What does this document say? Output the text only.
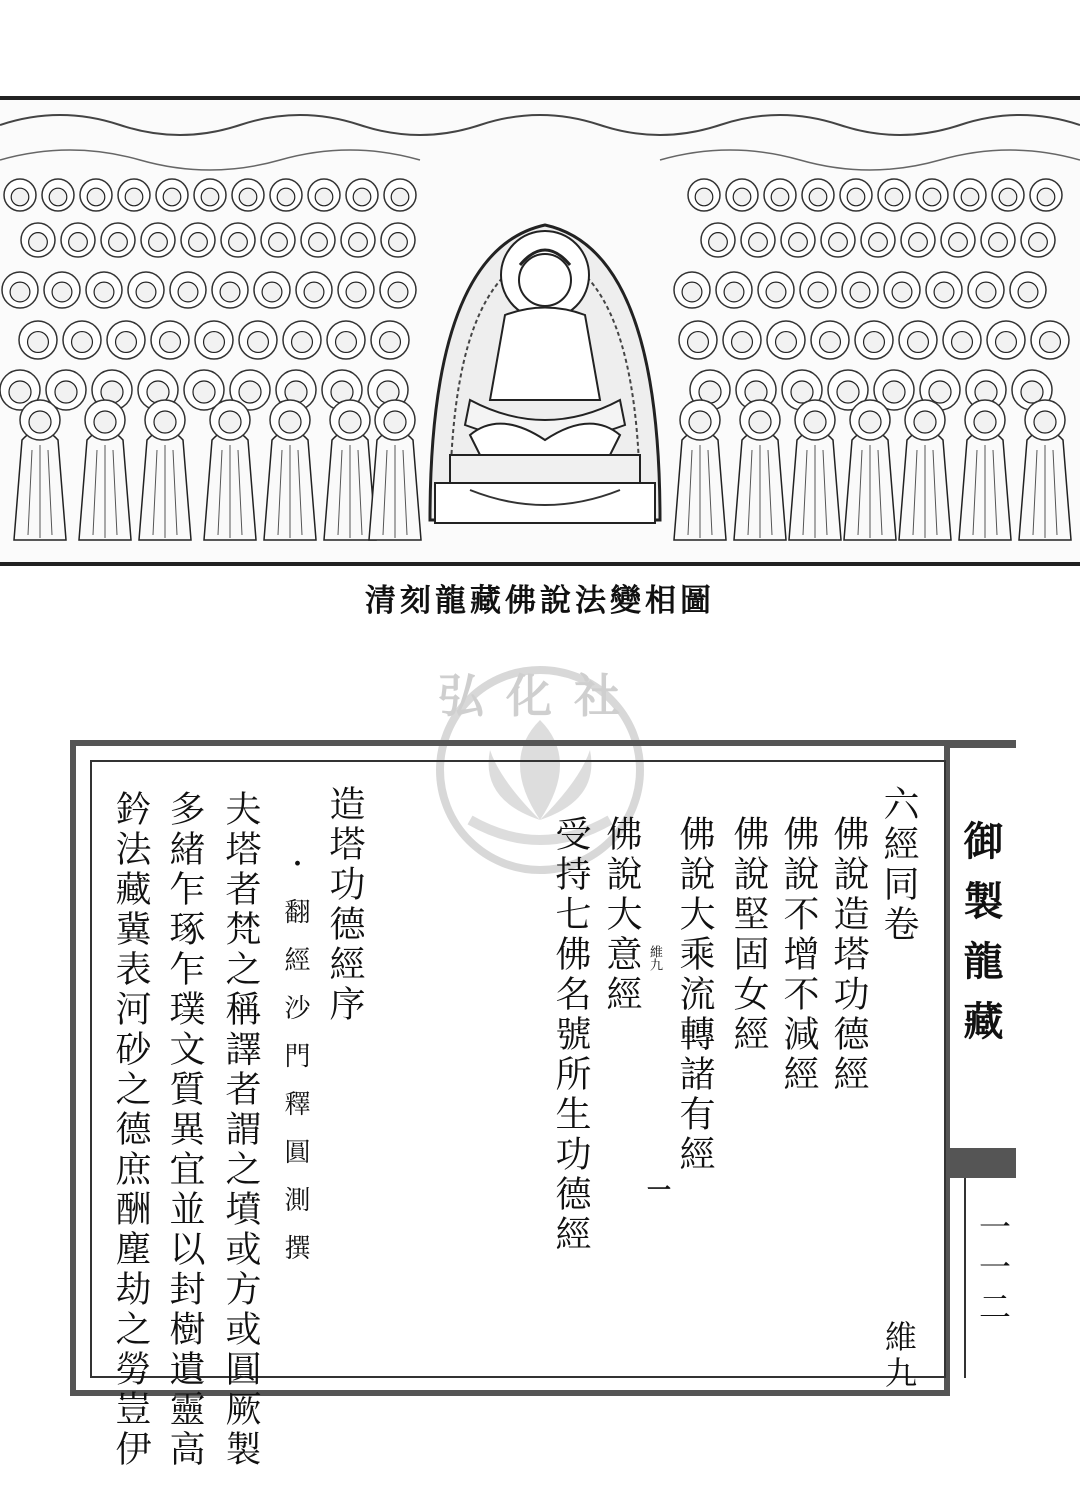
清刻龍藏佛說法變相圖
弘化社
御製龍藏
一一二
維九
六經同卷
佛說造塔功德經
佛說不增不減經
佛說堅固女經
佛說大乘流轉諸有經
佛說大意經
受持七佛名號所生功德經	維九
一
造塔功德經序
・翻經沙門釋圓測撰
夫塔者梵之稱譯者謂之墳或方或圓厥製
多緒乍琢乍璞文質異宜並以封樹遺靈高
鈐法藏冀表河砂之德庶酬塵劫之勞豈伊
